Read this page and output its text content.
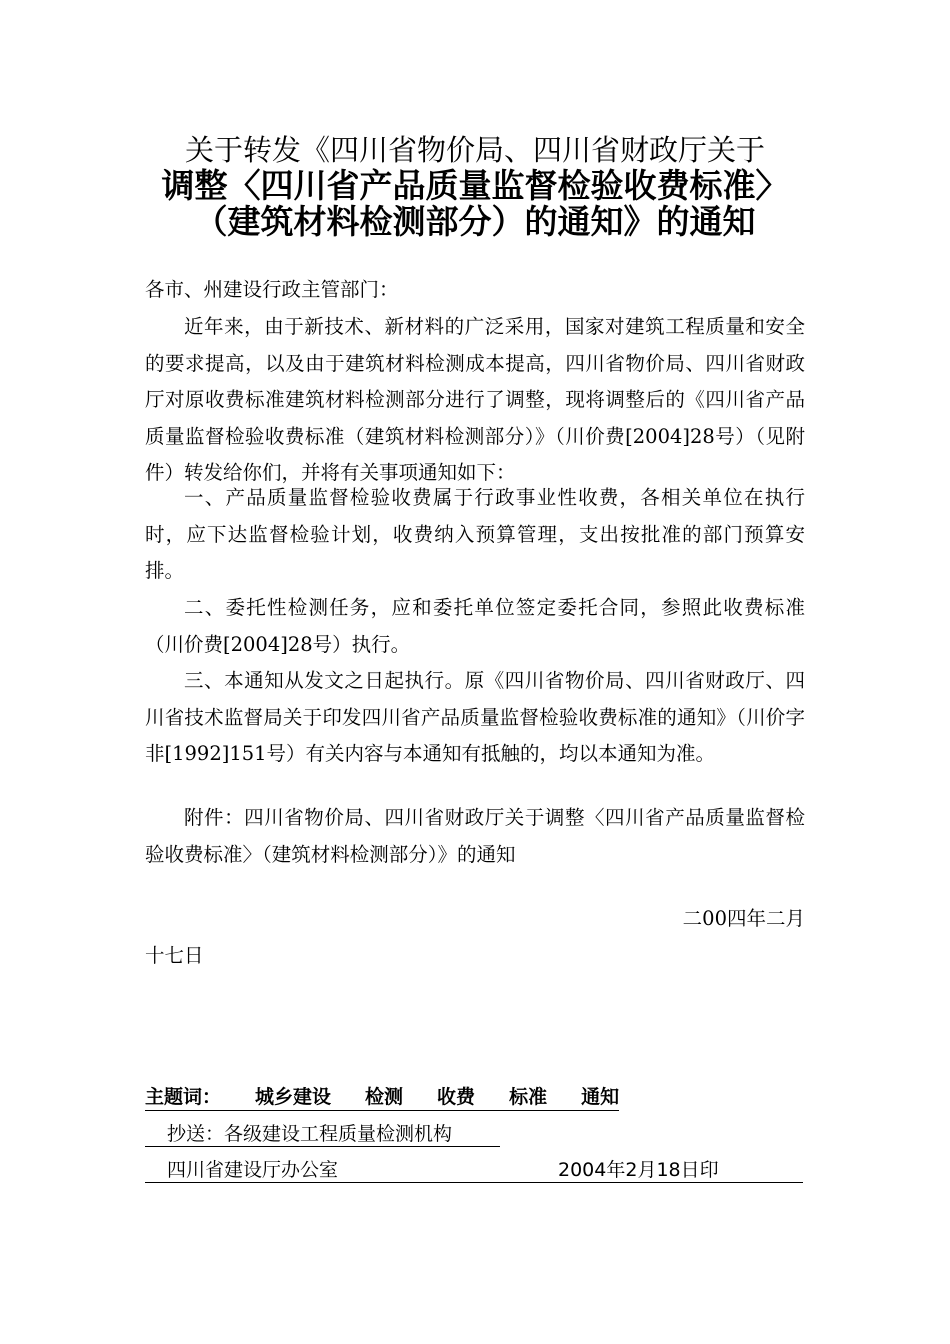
关于转发《四川省物价局、四川省财政厅关于
调整〈四川省产品质量监督检验收费标准〉
（建筑材料检测部分）的通知》的通知
各市、州建设行政主管部门：

近年来，由于新技术、新材料的广泛采用，国家对建筑工程质量和安全的要求提高，以及由于建筑材料检测成本提高，四川省物价局、四川省财政厅对原收费标准建筑材料检测部分进行了调整，现将调整后的《四川省产品质量监督检验收费标准（建筑材料检测部分）》（川价费[2004]28号）（见附件）转发给你们，并将有关事项通知如下：

一、产品质量监督检验收费属于行政事业性收费，各相关单位在执行时，应下达监督检验计划，收费纳入预算管理，支出按批准的部门预算安排。

二、委托性检测任务，应和委托单位签定委托合同，参照此收费标准（川价费[2004]28号）执行。

三、本通知从发文之日起执行。原《四川省物价局、四川省财政厅、四川省技术监督局关于印发四川省产品质量监督检验收费标准的通知》（川价字非[1992]151号）有关内容与本通知有抵触的，均以本通知为准。

附件：四川省物价局、四川省财政厅关于调整〈四川省产品质量监督检验收费标准〉（建筑材料检测部分）》的通知

二00四年二月
十七日
主题词： 城乡建设 检测 收费 标准 通知
抄送：各级建设工程质量检测机构
四川省建设厅办公室	2004年2月18日印
